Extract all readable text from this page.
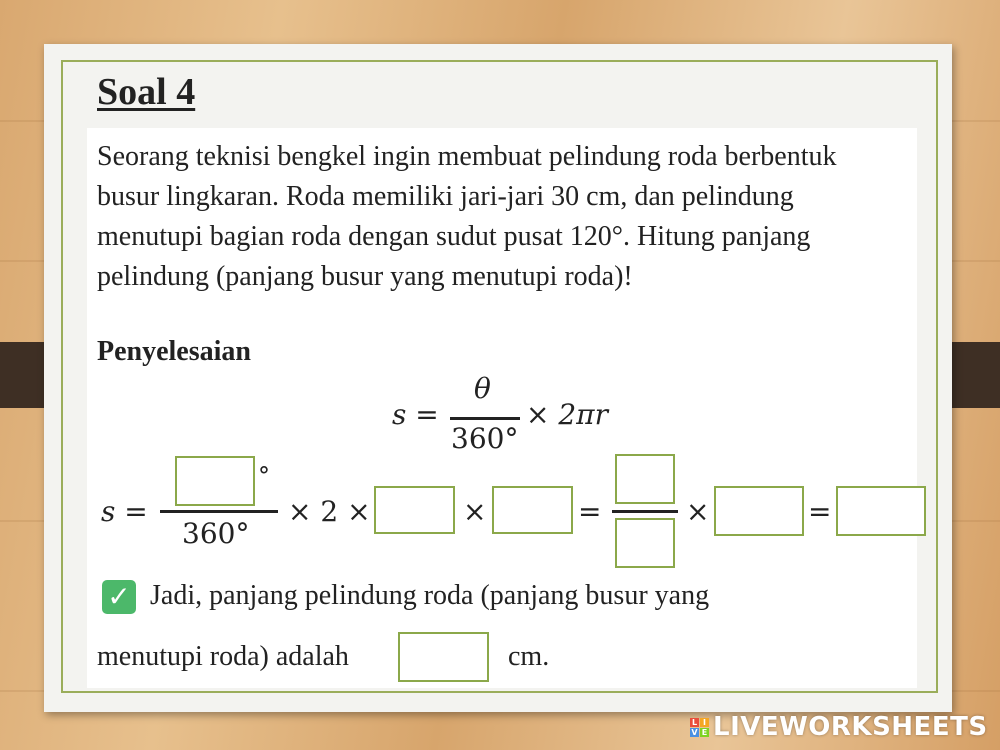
Soal 4
Seorang teknisi bengkel ingin membuat pelindung roda berbentuk busur lingkaran. Roda memiliki jari-jari 30 cm, dan pelindung menutupi bagian roda dengan sudut pusat 120°. Hitung panjang pelindung (panjang busur yang menutupi roda)!
Penyelesaian
s =
θ
360°
× 2πr
s =
°
360°
× 2 ×	×	=	×	=
✓ Jadi, panjang pelindung roda (panjang busur yang
menutupi roda) adalah	cm.
L I
V E LIVEWORKSHEETS
